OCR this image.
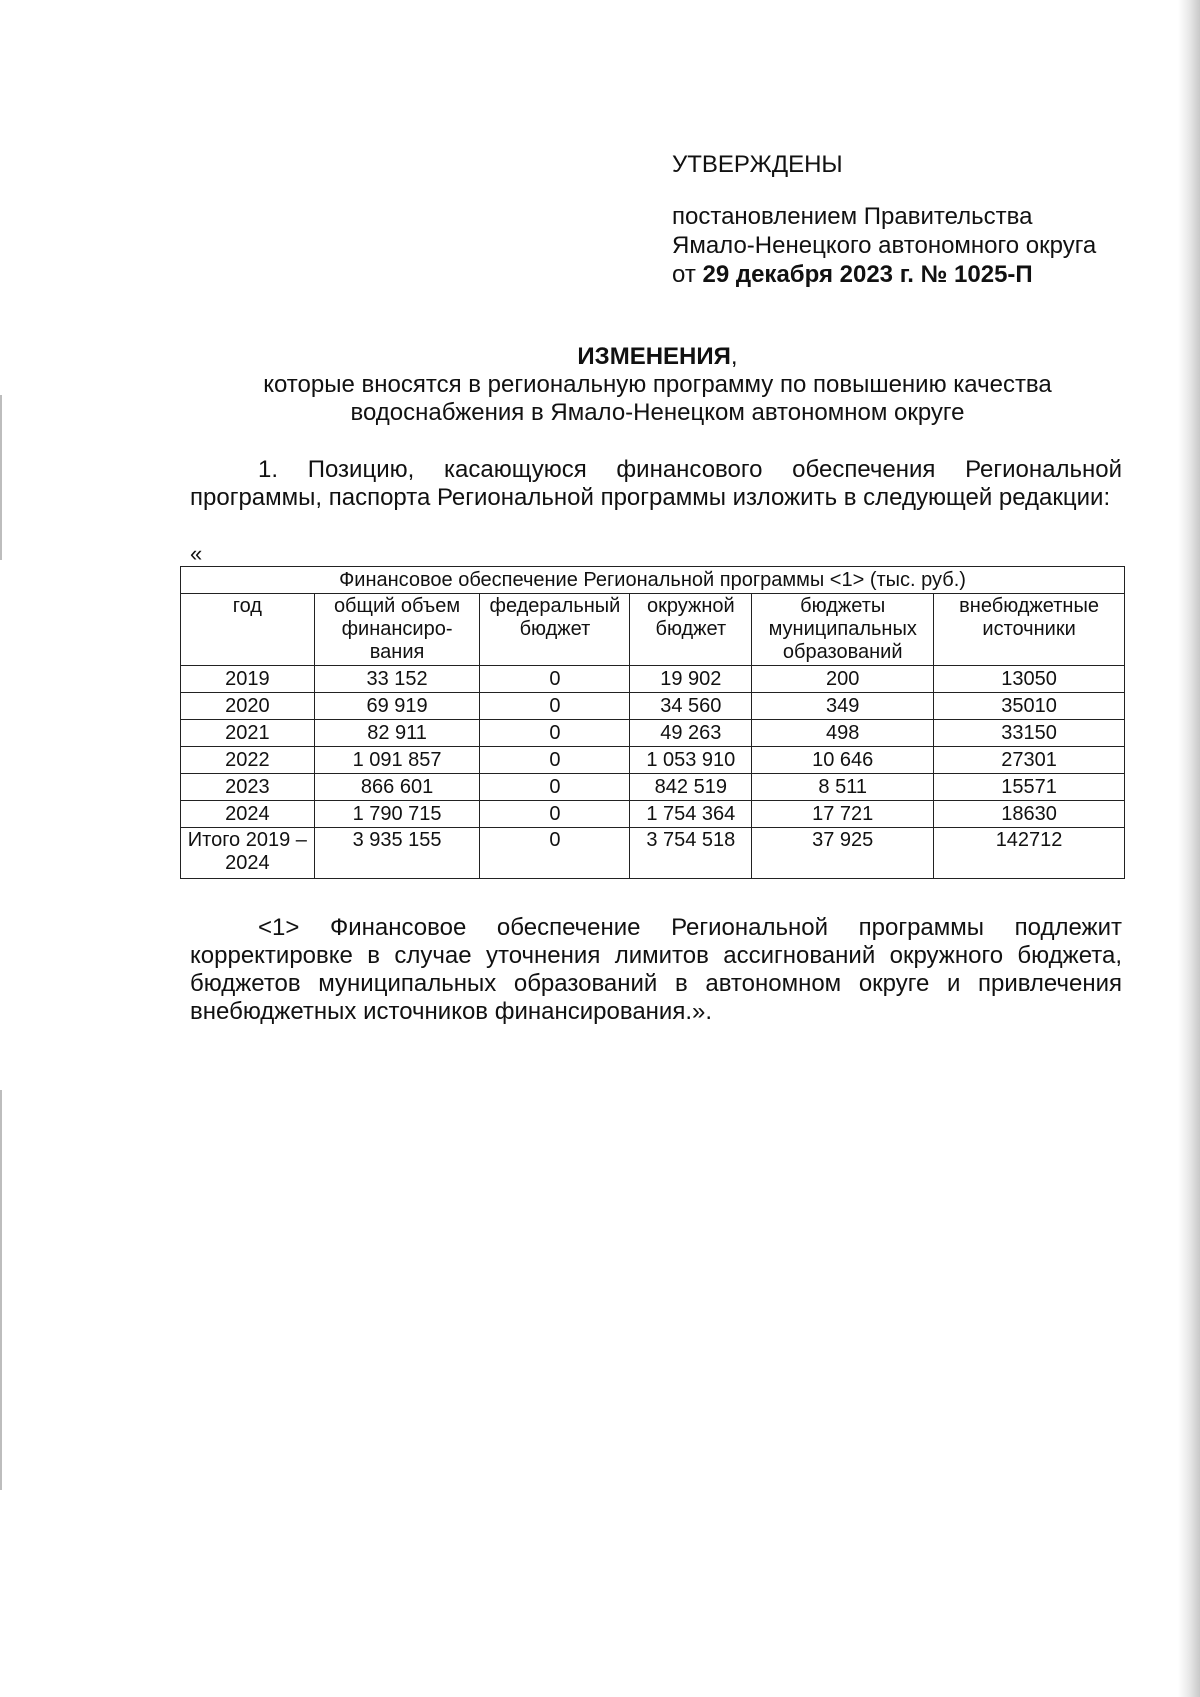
УТВЕРЖДЕНЫ
постановлением Правительства
Ямало-Ненецкого автономного округа
от 29 декабря 2023 г. № 1025-П
ИЗМЕНЕНИЯ,
которые вносятся в региональную программу по повышению качества
водоснабжения в Ямало-Ненецком автономном округе
1. Позицию, касающуюся финансового обеспечения Региональной программы, паспорта Региональной программы изложить в следующей редакции:
«
Финансовое обеспечение Региональной программы <1> (тыс. руб.)					
год	общий объем финансиро- вания	федеральный бюджет	окружной бюджет	бюджеты муниципальных образований	внебюджетные источники
2019	33 152	0	19 902	200	13050
2020	69 919	0	34 560	349	35010
2021	82 911	0	49 263	498	33150
2022	1 091 857	0	1 053 910	10 646	27301
2023	866 601	0	842 519	8 511	15571
2024	1 790 715	0	1 754 364	17 721	18630
Итого 2019 – 2024	3 935 155	0	3 754 518	37 925	142712
<1> Финансовое обеспечение Региональной программы подлежит корректировке в случае уточнения лимитов ассигнований окружного бюджета, бюджетов муниципальных образований в автономном округе и привлечения внебюджетных источников финансирования.».
